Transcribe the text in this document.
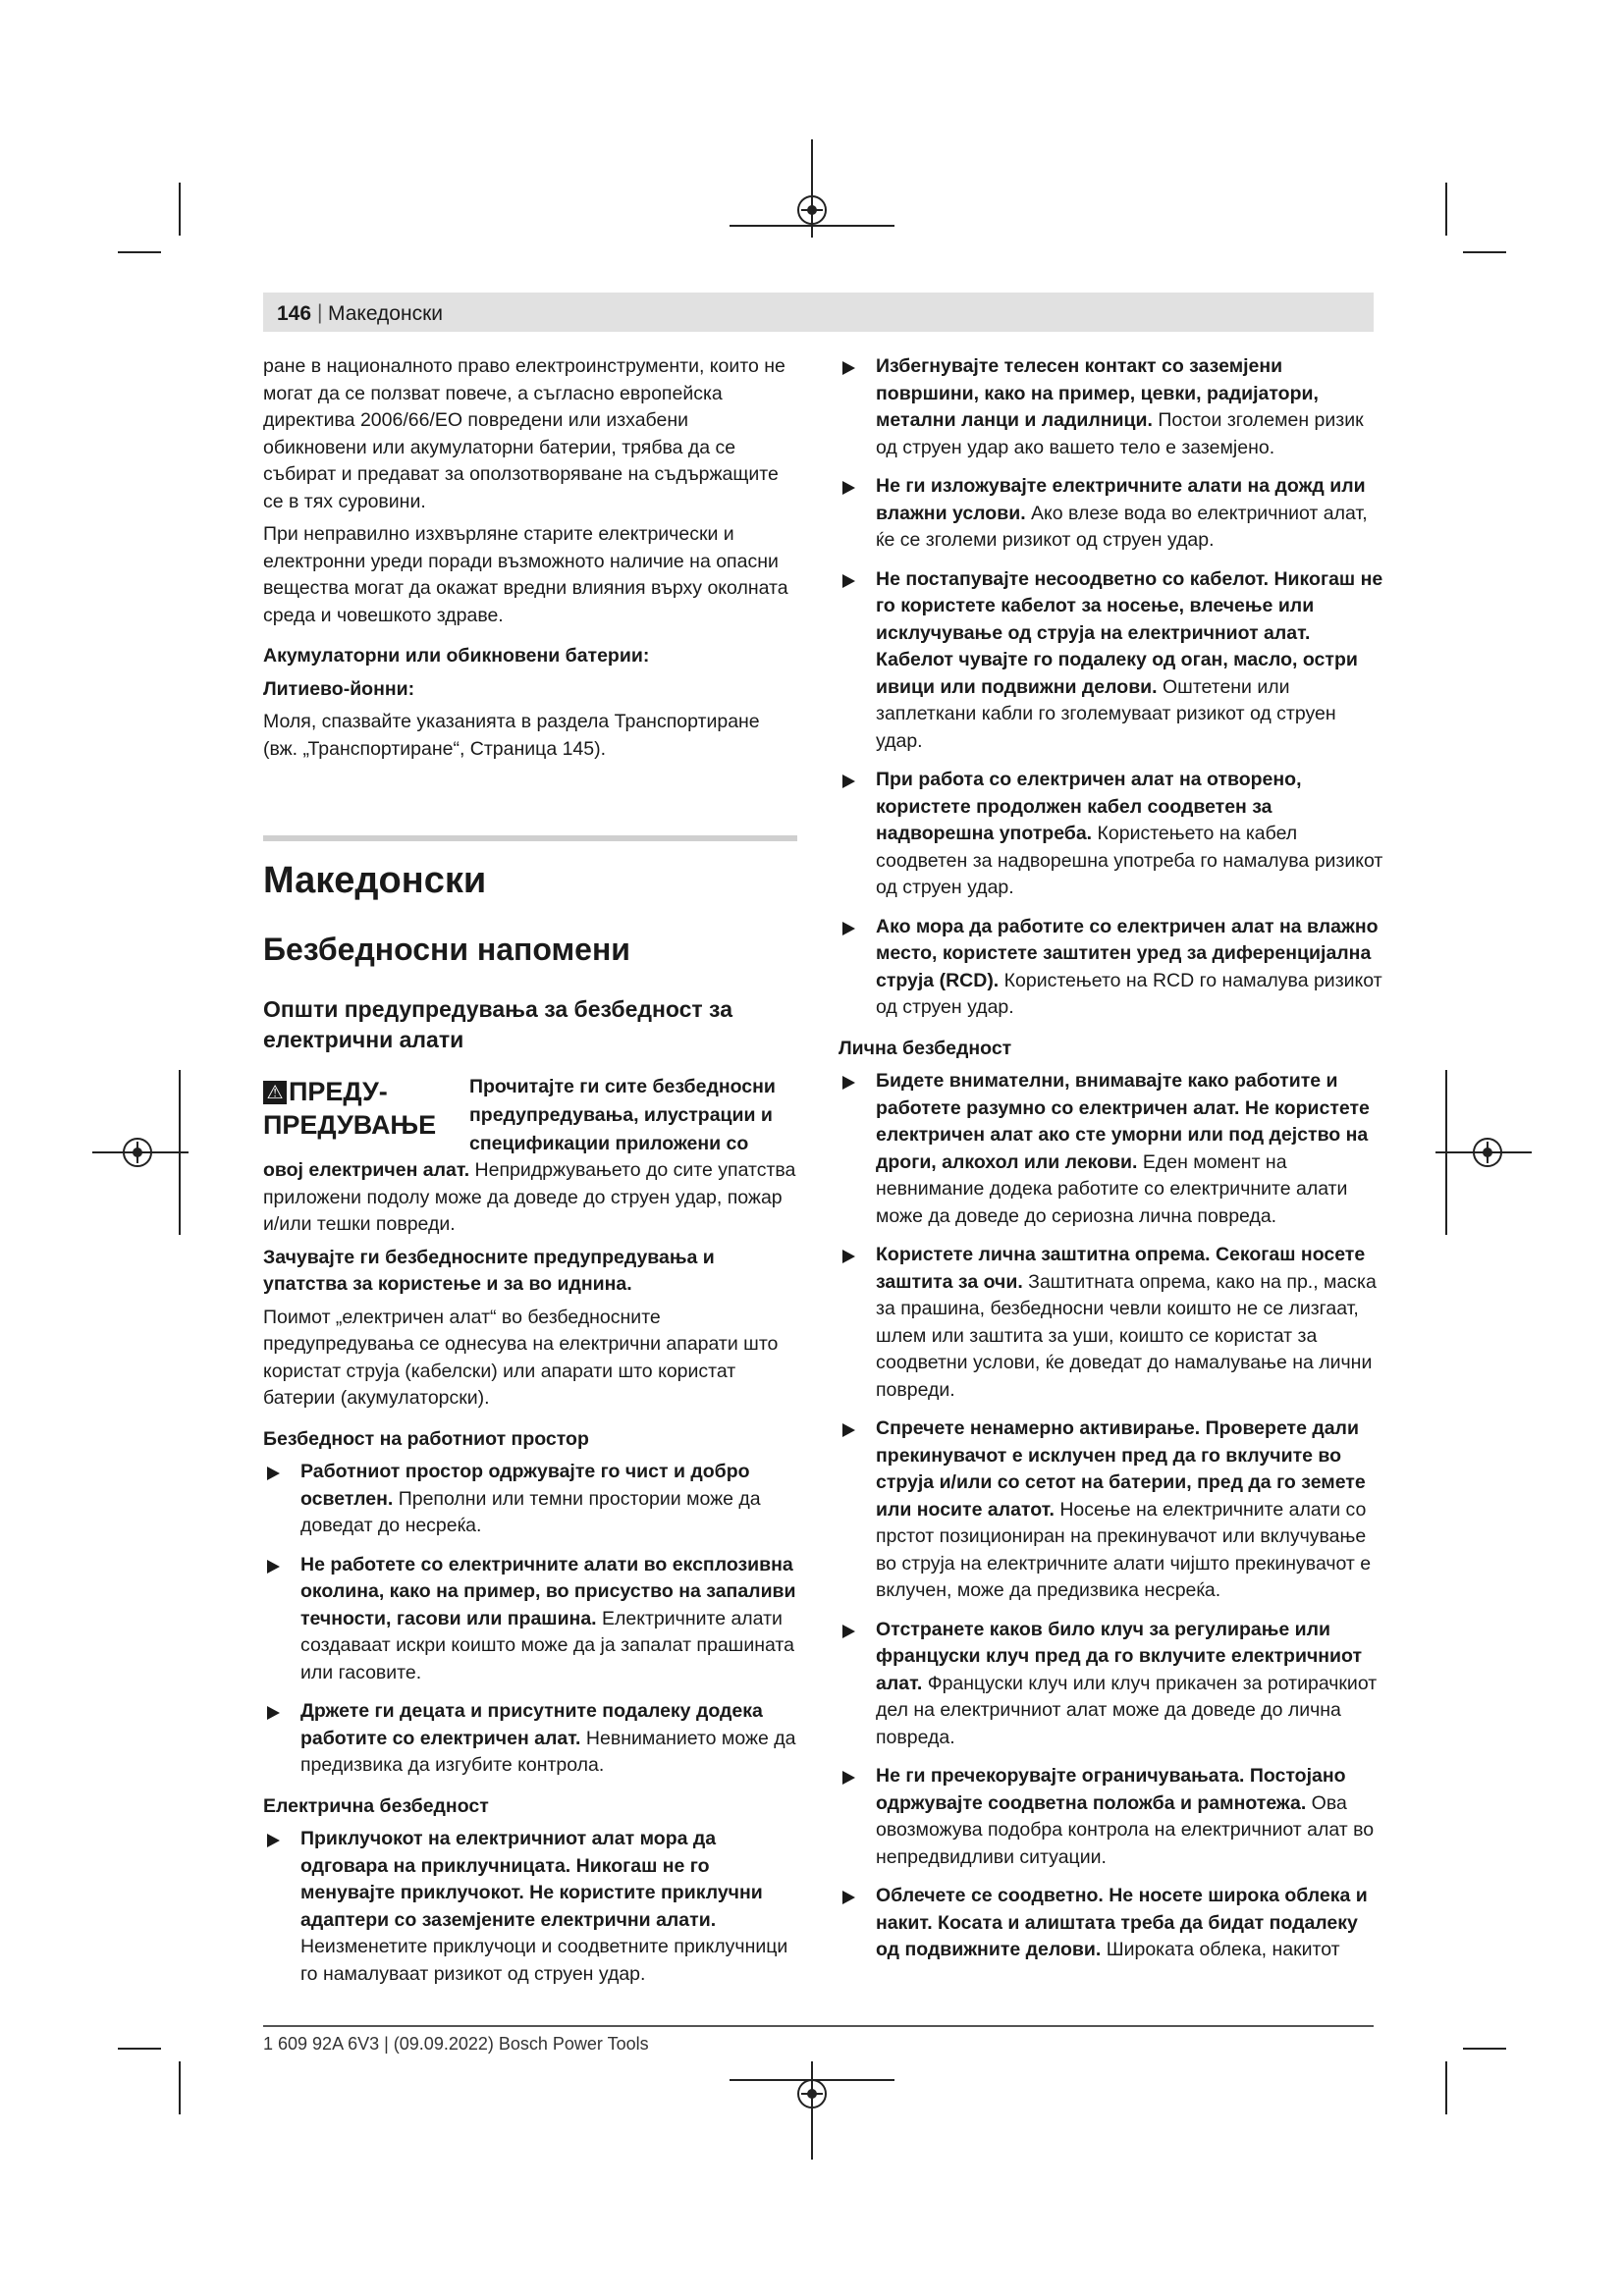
146 | Македонски

ране в националното право електроинструменти, които не могат да се ползват повече, а съгласно европейска директива 2006/66/ЕО повредени или изхабени обикновени или акумулаторни батерии, трябва да се събират и предават за оползотворяване на съдържащите се в тях суровини.

При неправилно изхвърляне старите електрически и електронни уреди поради възможното наличие на опасни вещества могат да окажат вредни влияния върху околната среда и човешкото здраве.

Акумулаторни или обикновени батерии:

Литиево-йонни:

Моля, спазвайте указанията в раздела Транспортиране (вж. „Транспортиране“, Страница 145).

Македонски
Безбедносни напомени
Општи предупредувања за безбедност за електрични алати
⚠ ПРЕДУ-ПРЕДУВАЊЕ
Прочитајте ги сите безбедносни предупредувања, илустрации и спецификации приложени со

овој електричен алат. Непридржувањето до сите упатства приложени подолу може да доведе до струен удар, пожар и/или тешки повреди.

Зачувајте ги безбедносните предупредувања и упатства за користење и за во иднина.

Поимот „електричен алат“ во безбедносните предупредувања се однесува на електрични апарати што користат струја (кабелски) или апарати што користат батерии (акумулаторски).

Безбедност на работниот простор

Работниот простор одржувајте го чист и добро осветлен. Преполни или темни простории може да доведат до несреќа.

Не работете со електричните алати во експлозивна околина, како на пример, во присуство на запаливи течности, гасови или прашина. Електричните алати создаваат искри коишто може да ја запалат прашината или гасовите.

Држете ги децата и присутните подалеку додека работите со електричен алат. Невниманието може да предизвика да изгубите контрола.

Електрична безбедност

Приклучокот на електричниот алат мора да одговара на приклучницата. Никогаш не го менувајте приклучокот. Не користите приклучни адаптери со заземјените електрични алати. Неизменетите приклучоци и соодветните приклучници го намалуваат ризикот од струен удар.

Избегнувајте телесен контакт со заземјени површини, како на пример, цевки, радијатори, метални ланци и ладилници. Постои зголемен ризик од струен удар ако вашето тело е заземјено.

Не ги изложувајте електричните алати на дожд или влажни услови. Ако влезе вода во електричниот алат, ќе се зголеми ризикот од струен удар.

Не постапувајте несоодветно со кабелот. Никогаш не го користете кабелот за носење, влечење или исклучување од струја на електричниот алат. Кабелот чувајте го подалеку од оган, масло, остри ивици или подвижни делови. Оштетени или заплеткани кабли го зголемуваат ризикот од струен удар.

При работа со електричен алат на отворено, користете продолжен кабел соодветен за надворешна употреба. Користењето на кабел соодветен за надворешна употреба го намалува ризикот од струен удар.

Ако мора да работите со електричен алат на влажно место, користете заштитен уред за диференцијална струја (RCD). Користењето на RCD го намалува ризикот од струен удар.

Лична безбедност

Бидете внимателни, внимавајте како работите и работете разумно со електричен алат. Не користете електричен алат ако сте уморни или под дејство на дроги, алкохол или лекови. Еден момент на невнимание додека работите со електричните алати може да доведе до сериозна лична повреда.

Користете лична заштитна опрема. Секогаш носете заштита за очи. Заштитната опрема, како на пр., маска за прашина, безбедносни чевли коишто не се лизгаат, шлем или заштита за уши, коишто се користат за соодветни услови, ќе доведат до намалување на лични повреди.

Спречете ненамерно активирање. Проверете дали прекинувачот е исклучен пред да го вклучите во струја и/или со сетот на батерии, пред да го земете или носите алатот. Носење на електричните алати со прстот позициониран на прекинувачот или вклучување во струја на електричните алати чијшто прекинувачот е вклучен, може да предизвика несреќа.

Отстранете каков било клуч за регулирање или француски клуч пред да го вклучите електричниот алат. Француски клуч или клуч прикачен за ротирачкиот дел на електричниот алат може да доведе до лична повреда.

Не ги пречекорувајте ограничувањата. Постојано одржувајте соодветна положба и рамнотежа. Ова овозможува подобра контрола на електричниот алат во непредвидливи ситуации.

Облечете се соодветно. Не носете широка облека и накит. Косата и алиштата треба да бидат подалеку од подвижните делови. Широката облека, накитот

1 609 92A 6V3 | (09.09.2022) Bosch Power Tools
